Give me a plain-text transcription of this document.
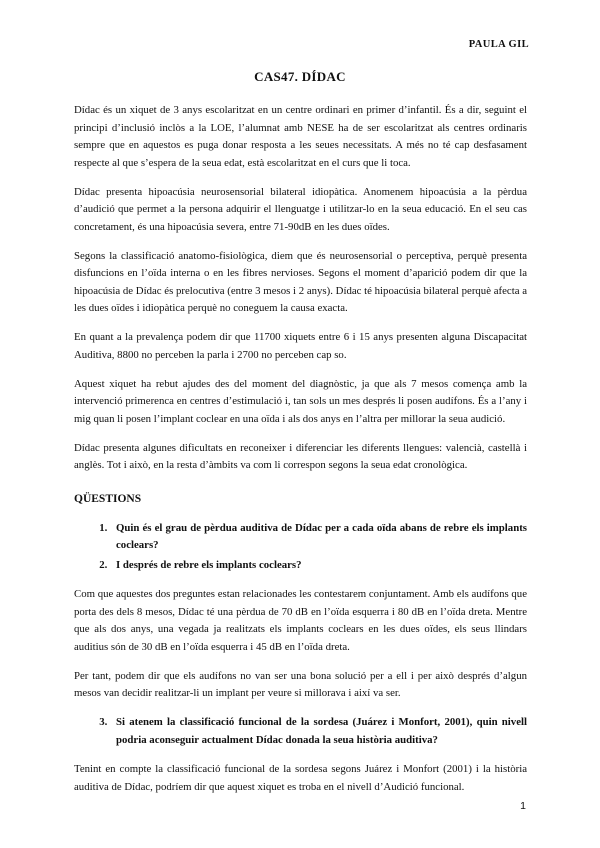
PAULA GIL

CAS47. DÍDAC

Dídac és un xiquet de 3 anys escolaritzat en un centre ordinari en primer d’infantil. És a dir, seguint el principi d’inclusió inclòs a la LOE, l’alumnat amb NESE ha de ser escolaritzat als centres ordinaris sempre que en aquestos es puga donar resposta a les seues necessitats. A més no té cap desfasament respecte al que s’espera de la seua edat, està escolaritzat en el curs que li toca.

Dídac presenta hipoacúsia neurosensorial bilateral idiopàtica. Anomenem hipoacúsia a la pèrdua d’audició que permet a la persona adquirir el llenguatge i utilitzar-lo en la seua educació. En el seu cas concretament, és una hipoacúsia severa, entre 71-90dB en les dues oïdes.

Segons la classificació anatomo-fisiològica, diem que és neurosensorial o perceptiva, perquè presenta disfuncions en l’oïda interna o en les fibres nervioses. Segons el moment d’aparició podem dir que la hipoacúsia de Dídac és prelocutiva (entre 3 mesos i 2 anys). Dídac té hipoacúsia bilateral perquè afecta a les dues oïdes i idiopàtica perquè no coneguem la causa exacta.

En quant a la prevalença podem dir que 11700 xiquets entre 6 i 15 anys presenten alguna Discapacitat Auditiva, 8800 no perceben la parla i 2700 no perceben cap so.

Aquest xiquet ha rebut ajudes des del moment del diagnòstic, ja que als 7 mesos comença amb la intervenció primerenca en centres d’estimulació i, tan sols un mes després li posen audífons. És a l’any i mig quan li posen l’implant coclear en una oïda i als dos anys en l’altra per millorar la seua audició.

Dídac presenta algunes dificultats en reconeixer i diferenciar les diferents llengues: valencià, castellà i anglès. Tot i això, en la resta d’àmbits va com li correspon segons la seua edat cronològica.

QÜESTIONS
1. Quin és el grau de pèrdua auditiva de Dídac per a cada oïda abans de rebre els implants coclears?
2. I després de rebre els implants coclears?

Com que aquestes dos preguntes estan relacionades les contestarem conjuntament. Amb els audífons que porta des dels 8 mesos, Dídac té una pèrdua de 70 dB en l’oïda esquerra i 80 dB en l’oïda dreta. Mentre que als dos anys, una vegada ja realitzats els implants coclears en les dues oïdes, els seus llindars auditius són de 30 dB en l’oïda esquerra i 45 dB en l’oïda dreta.

Per tant, podem dir que els audífons no van ser una bona solució per a ell i per això després d’algun mesos van decidir realitzar-li un implant per veure si millorava i així va ser.

3. Si atenem la classificació funcional de la sordesa (Juárez i Monfort, 2001), quin nivell podria aconseguir actualment Dídac donada la seua història auditiva?

Tenint en compte la classificació funcional de la sordesa segons Juárez i Monfort (2001) i la història auditiva de Dídac, podríem dir que aquest xiquet es troba en el nivell d’Audició funcional.

1
